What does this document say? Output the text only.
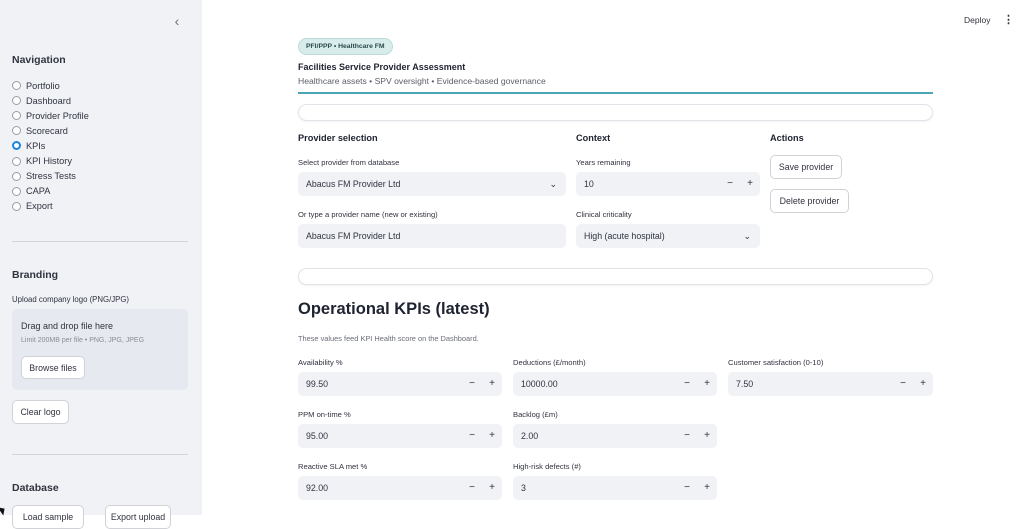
‹
Navigation
Portfolio
Dashboard
Provider Profile
Scorecard
KPIs
KPI History
Stress Tests
CAPA
Export
Branding
Upload company logo (PNG/JPG)
Drag and drop file here
Limit 200MB per file • PNG, JPG, JPEG
Browse files
Clear logo
Database
Load sample	Export upload
Deploy ⋮
PFI/PPP • Healthcare FM
Facilities Service Provider Assessment
Healthcare assets • SPV oversight • Evidence-based governance
Provider selection
Select provider from database
Abacus FM Provider Ltd	⌄
Or type a provider name (new or existing)
Abacus FM Provider Ltd
Context
Years remaining
10	−	+
Clinical criticality
High (acute hospital)	⌄
Actions
Save provider
Delete provider
Operational KPIs (latest)
These values feed KPI Health score on the Dashboard.
Availability %
99.50	−	+
Deductions (£/month)
10000.00	−	+
Customer satisfaction (0-10)
7.50	−	+
PPM on-time %
95.00	−	+
Backlog (£m)
2.00	−	+
Reactive SLA met %
92.00	−	+
High-risk defects (#)
3	−	+
